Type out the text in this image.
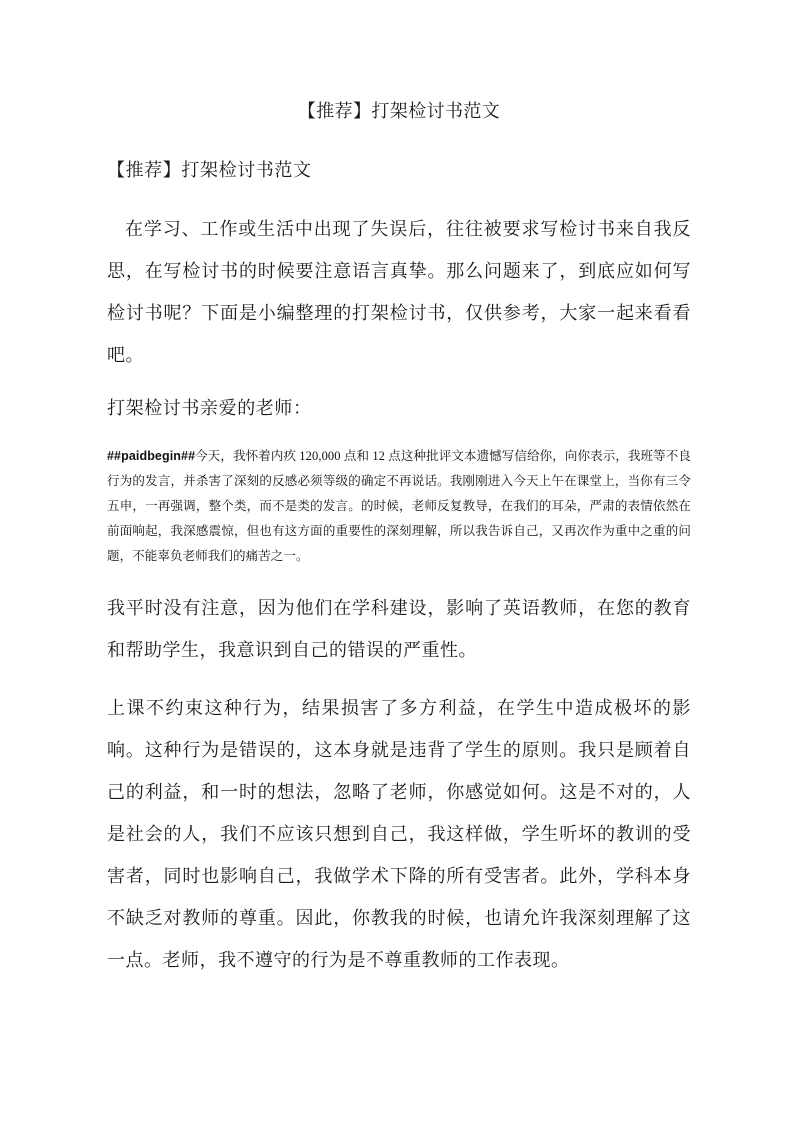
【推荐】打架检讨书范文

【推荐】打架检讨书范文

在学习、工作或生活中出现了失误后，往往被要求写检讨书来自我反思，在写检讨书的时候要注意语言真挚。那么问题来了，到底应如何写检讨书呢？下面是小编整理的打架检讨书，仅供参考，大家一起来看看吧。

打架检讨书亲爱的老师：

##paidbegin##今天，我怀着内疚 120,000 点和 12 点这种批评文本遗憾写信给你，向你表示，我班等不良行为的发言，并杀害了深刻的反感必须等级的确定不再说话。我刚刚进入今天上午在课堂上，当你有三令五申，一再强调，整个类，而不是类的发言。的时候，老师反复教导，在我们的耳朵，严肃的表情依然在前面响起，我深感震惊，但也有这方面的重要性的深刻理解，所以我告诉自己，又再次作为重中之重的问题，不能辜负老师我们的痛苦之一。

我平时没有注意，因为他们在学科建设，影响了英语教师，在您的教育和帮助学生，我意识到自己的错误的严重性。

上课不约束这种行为，结果损害了多方利益，在学生中造成极坏的影响。这种行为是错误的，这本身就是违背了学生的原则。我只是顾着自己的利益，和一时的想法，忽略了老师，你感觉如何。这是不对的，人是社会的人，我们不应该只想到自己，我这样做，学生听坏的教训的受害者，同时也影响自己，我做学术下降的所有受害者。此外，学科本身不缺乏对教师的尊重。因此，你教我的时候，也请允许我深刻理解了这一点。老师，我不遵守的行为是不尊重教师的工作表现。
